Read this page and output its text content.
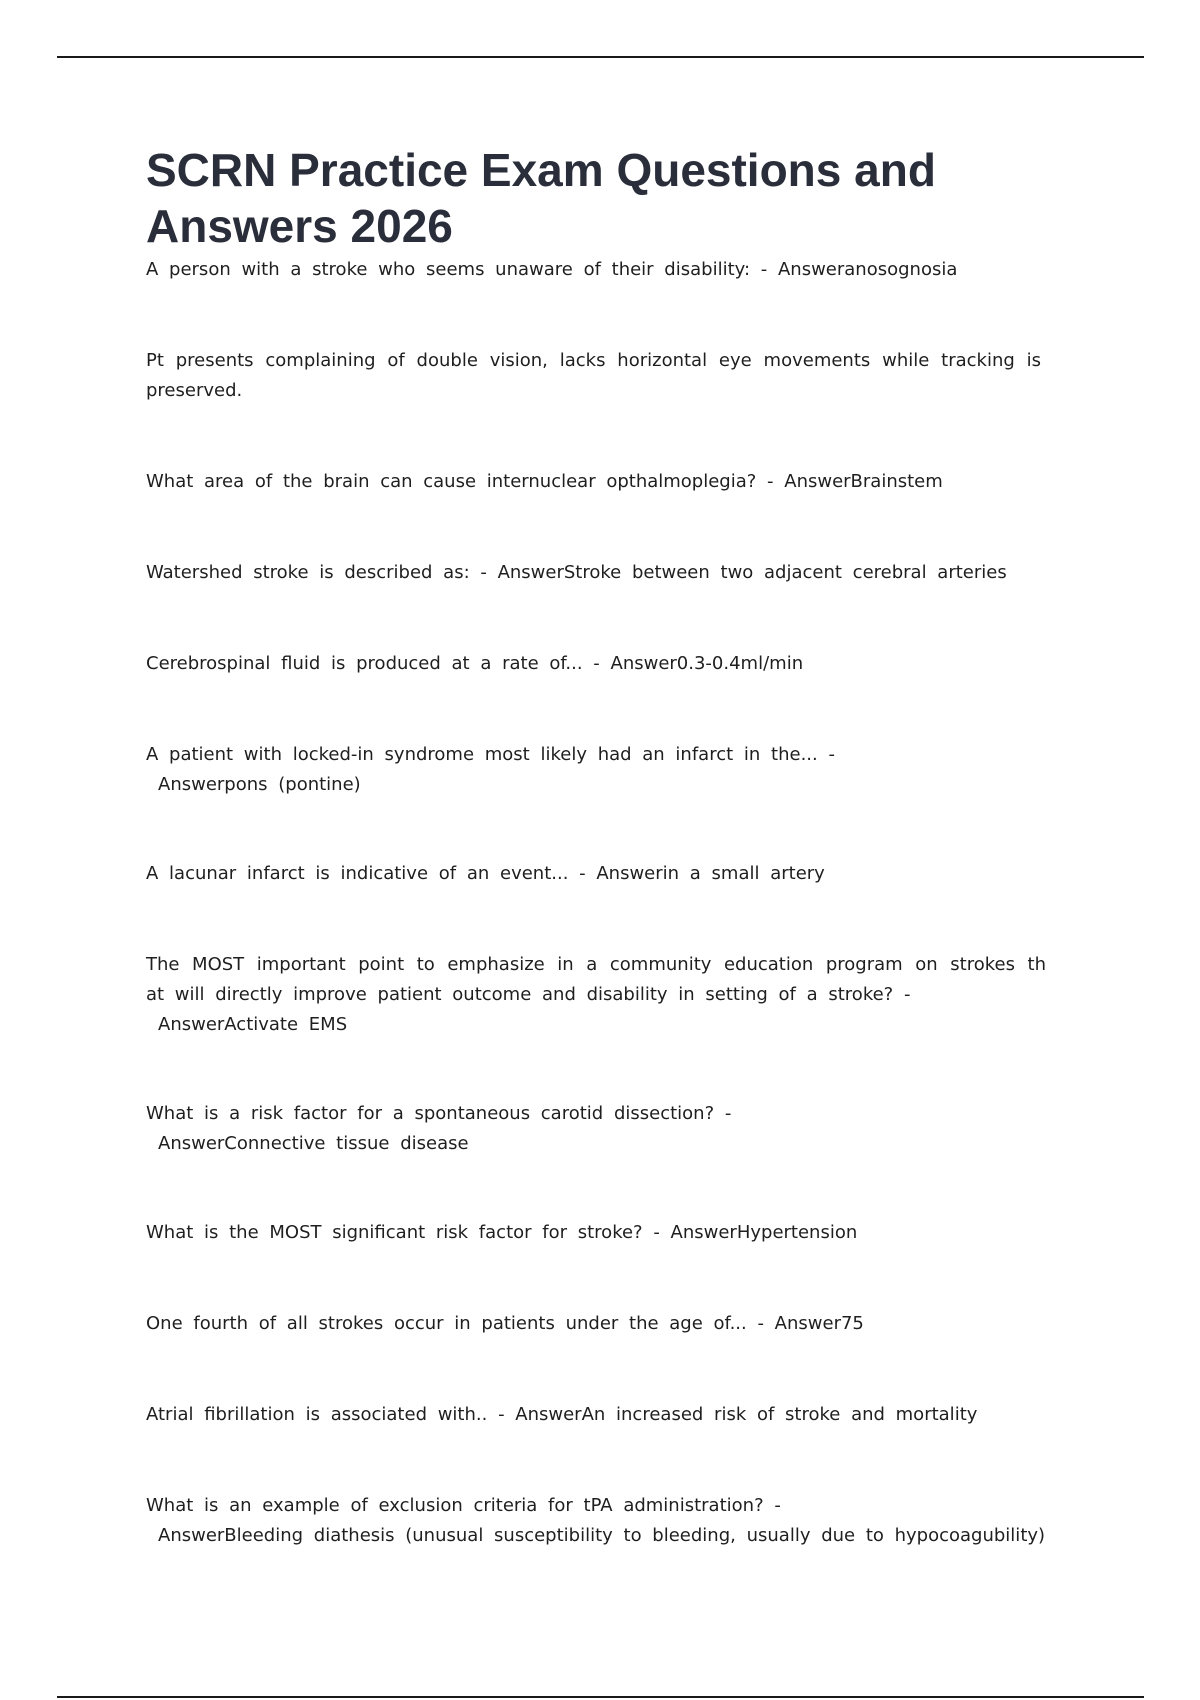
SCRN Practice Exam Questions and Answers 2026

A person with a stroke who seems unaware of their disability: - Answeranosognosia

Pt presents complaining of double vision, lacks horizontal eye movements while tracking is preserved.

What area of the brain can cause internuclear opthalmoplegia? - AnswerBrainstem

Watershed stroke is described as: - AnswerStroke between two adjacent cerebral arteries

Cerebrospinal fluid is produced at a rate of... - Answer0.3-0.4ml/min

A patient with locked-in syndrome most likely had an infarct in the... -
Answerpons (pontine)

A lacunar infarct is indicative of an event... - Answerin a small artery

The MOST important point to emphasize in a community education program on strokes th at will directly improve patient outcome and disability in setting of a stroke? -
AnswerActivate EMS

What is a risk factor for a spontaneous carotid dissection? -
AnswerConnective tissue disease

What is the MOST significant risk factor for stroke? - AnswerHypertension

One fourth of all strokes occur in patients under the age of... - Answer75

Atrial fibrillation is associated with.. - AnswerAn increased risk of stroke and mortality

What is an example of exclusion criteria for tPA administration? -
AnswerBleeding diathesis (unusual susceptibility to bleeding, usually due to hypocoagubility)
